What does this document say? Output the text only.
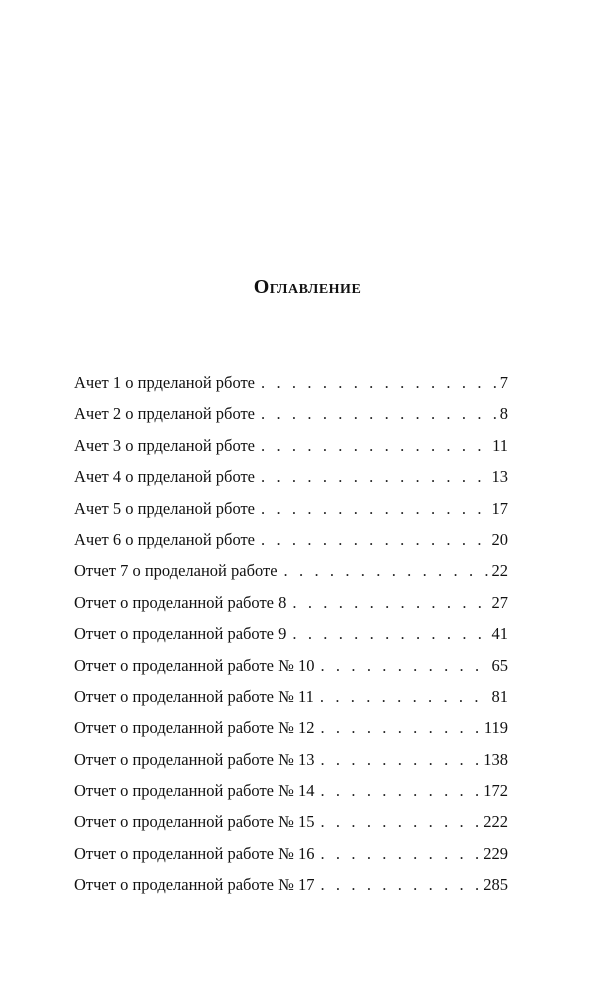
Оглавление
Ачет 1 о прделаной рботе . . .	7
Ачет 2 о прделаной рботе . . .	8
Ачет 3 о прделаной рботе . . .	11
Ачет 4 о прделаной рботе . . .	13
Ачет 5 о прделаной рботе . . .	17
Ачет 6 о прделаной рботе . . .	20
Отчет 7 о проделаной работе . . .	22
Отчет о проделанной работе 8 . . .	27
Отчет о проделанной работе 9 . . .	41
Отчет о проделанной работе № 10 . . .	65
Отчет о проделанной работе № 11 . . .	81
Отчет о проделанной работе № 12 . . .	119
Отчет о проделанной работе № 13 . . .	138
Отчет о проделанной работе № 14 . . .	172
Отчет о проделанной работе № 15 . . .	222
Отчет о проделанной работе № 16 . . .	229
Отчет о проделанной работе № 17 . . .	285
